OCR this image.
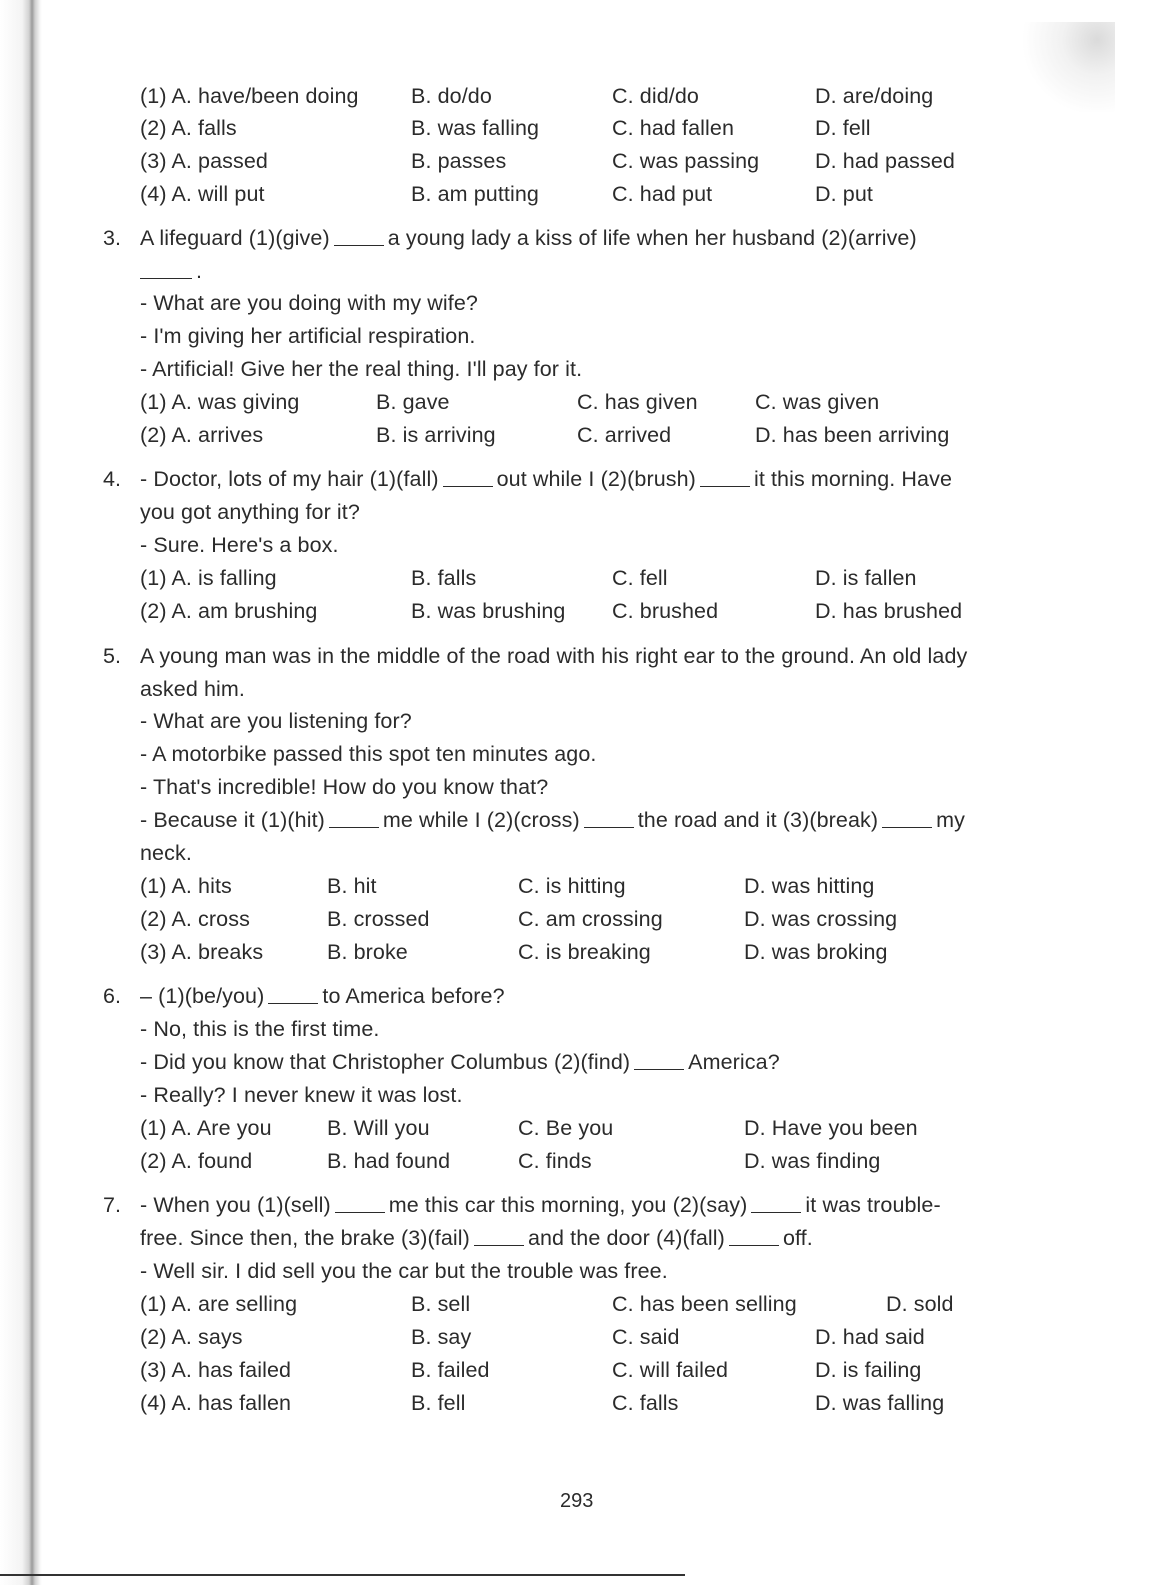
(1) A. have/been doing B. do/do	C. did/do	D. are/doing
(2) A. falls	B. was falling	C. had fallen	D. fell
(3) A. passed	B. passes	C. was passing	D. had passed
(4) A. will put	B. am putting	C. had put	D. put
3. A lifeguard (1)(give)	a young lady a kiss of life when her husband (2)(arrive)
.
- What are you doing with my wife?
- I'm giving her artificial respiration.
- Artificial! Give her the real thing. I'll pay for it.
(1) A. was giving	B. gave	C. has given	C. was given
(2) A. arrives	B. is arriving	C. arrived	D. has been arriving
4. - Doctor, lots of my hair (1)(fall)	out while I (2)(brush)	it this morning. Have
you got anything for it?
- Sure. Here's a box.
(1) A. is falling	B. falls	C. fell	D. is fallen
(2) A. am brushing	B. was brushing C. brushed	D. has brushed
5. A young man was in the middle of the road with his right ear to the ground. An old lady
asked him.
- What are you listening for?
- A motorbike passed this spot ten minutes ago.
- That's incredible! How do you know that?
- Because it (1)(hit)	me while I (2)(cross)	the road and it (3)(break)	my
neck.
(1) A. hits	B. hit	C. is hitting	D. was hitting
(2) A. cross	B. crossed	C. am crossing	D. was crossing
(3) A. breaks	B. broke	C. is breaking	D. was broking
6. – (1)(be/you)	to America before?
- No, this is the first time.
- Did you know that Christopher Columbus (2)(find)	America?
- Really? I never knew it was lost.
(1) A. Are you	B. Will you	C. Be you	D. Have you been
(2) A. found	B. had found	C. finds	D. was finding
7. - When you (1)(sell)	me this car this morning, you (2)(say)	it was trouble-
free. Since then, the brake (3)(fail)	and the door (4)(fall)	off.
- Well sir. I did sell you the car but the trouble was free.
(1) A. are selling	B. sell	C. has been selling	D. sold
(2) A. says	B. say	C. said	D. had said
(3) A. has failed	B. failed	C. will failed	D. is failing
(4) A. has fallen	B. fell	C. falls	D. was falling
293
